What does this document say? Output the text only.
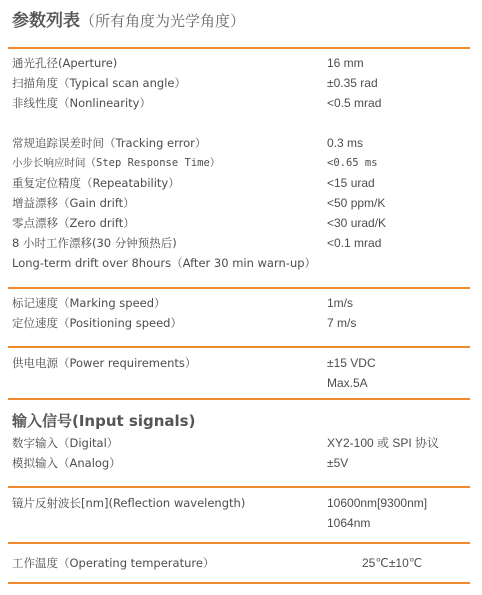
参数列表（所有角度为光学角度）
通光孔径(Aperture)	16 mm
扫描角度（Typical scan angle）	±0.35 rad
非线性度（Nonlinearity）	<0.5 mrad
常规追踪误差时间（Tracking error）	0.3 ms
小步长响应时间（Step Response Time）	<0.65 ms
重复定位精度（Repeatability）	<15 urad
增益漂移（Gain drift）	<50 ppm/K
零点漂移（Zero drift）	<30 urad/K
8 小时工作漂移(30 分钟预热后)	<0.1 mrad
Long-term drift over 8hours（After 30 min warn-up）
标记速度（Marking speed）	1m/s
定位速度（Positioning speed）	7 m/s
供电电源（Power requirements）	±15 VDC
Max.5A
输入信号(Input signals)
数字输入（Digital）	XY2-100 或 SPI 协议
模拟输入（Analog）	±5V
镜片反射波长[nm](Reflection wavelength)	10600nm[9300nm]
1064nm
工作温度（Operating temperature）	25℃±10℃
